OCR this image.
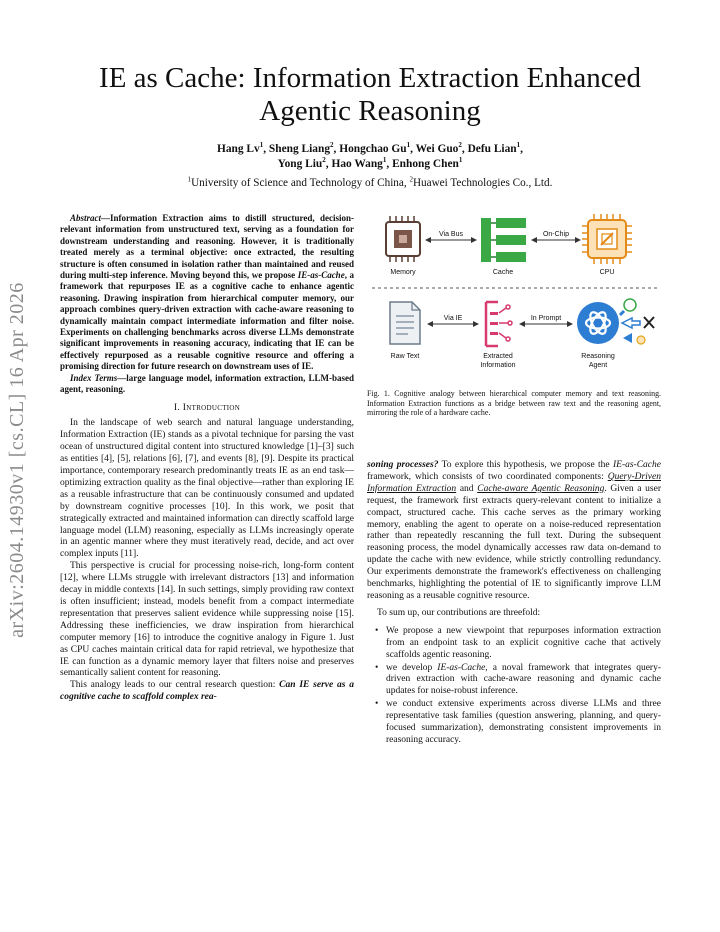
arXiv:2604.14930v1 [cs.CL] 16 Apr 2026
IE as Cache: Information Extraction Enhanced
Agentic Reasoning
Hang Lv$^1$, Sheng Liang$^2$, Hongchao Gu$^1$, Wei Guo$^2$, Defu Lian$^1$,
Yong Liu$^2$, Hao Wang$^1$, Enhong Chen$^1$
$^1$University of Science and Technology of China, $^2$Huawei Technologies Co., Ltd.

Abstract—Information Extraction aims to distill structured, decision-relevant information from unstructured text, serving as a foundation for downstream understanding and reasoning. However, it is traditionally treated merely as a terminal objective: once extracted, the resulting structure is often consumed in isolation rather than maintained and reused during multi-step inference. Moving beyond this, we propose IE-as-Cache, a framework that repurposes IE as a cognitive cache to enhance agentic reasoning. Drawing inspiration from hierarchical computer memory, our approach combines query-driven extraction with cache-aware reasoning to dynamically maintain compact intermediate information and filter noise. Experiments on challenging benchmarks across diverse LLMs demonstrate significant improvements in reasoning accuracy, indicating that IE can be effectively repurposed as a reusable cognitive resource and offering a promising direction for future research on downstream uses of IE.

Index Terms—large language model, information extraction, LLM-based agent, reasoning.

I. Introduction

In the landscape of web search and natural language understanding, Information Extraction (IE) stands as a pivotal technique for parsing the vast ocean of unstructured digital content into structured knowledge [1]–[3] such as entities [4], [5], relations [6], [7], and events [8], [9]. Despite its practical importance, contemporary research predominantly treats IE as an end task—optimizing extraction quality as the final objective—rather than exploring IE as a reusable infrastructure that can be continuously consumed and updated by downstream cognitive processes [10]. In this work, we posit that strategically extracted and maintained information can directly scaffold large language model (LLM) reasoning, especially as LLMs increasingly operate in an agentic manner where they must iteratively read, decide, and act over complex inputs [11].

This perspective is crucial for processing noise-rich, long-form content [12], where LLMs struggle with irrelevant distractors [13] and information decay in middle contexts [14]. In such settings, simply providing raw context is often insufficient; instead, models benefit from a compact intermediate representation that preserves salient evidence while suppressing noise [15]. Addressing these inefficiencies, we draw inspiration from hierarchical computer memory [16] to introduce the cognitive analogy in Figure 1. Just as CPU caches maintain critical data for rapid retrieval, we hypothesize that IE can function as a dynamic memory layer that filters noise and preserves semantically salient content for reasoning.

This analogy leads to our central research question: Can IE serve as a cognitive cache to scaffold complex rea-

Memory
Via Bus
Cache
On-Chip
CPU
Raw Text
Via IE
Extracted
Information
In Prompt
Reasoning
Agent
Fig. 1. Cognitive analogy between hierarchical computer memory and text reasoning. Information Extraction functions as a bridge between raw text and the reasoning agent, mirroring the role of a hardware cache.

soning processes? To explore this hypothesis, we propose the IE-as-Cache framework, which consists of two coordinated components: Query-Driven Information Extraction and Cache-aware Agentic Reasoning. Given a user request, the framework first extracts query-relevant content to initialize a compact, structured cache. This cache serves as the primary working memory, enabling the agent to operate on a noise-reduced representation rather than repeatedly rescanning the full text. During the subsequent reasoning process, the model dynamically accesses raw data on-demand to update the cache with new evidence, while strictly controlling redundancy. Our experiments demonstrate the framework's effectiveness on challenging benchmarks, highlighting the potential of IE to significantly improve LLM reasoning as a reusable cognitive resource.

To sum up, our contributions are threefold:

• We propose a new viewpoint that repurposes information extraction from an endpoint task to an explicit cognitive cache that actively scaffolds agentic reasoning.
• we develop IE-as-Cache, a noval framework that integrates query-driven extraction with cache-aware reasoning and dynamic cache updates for noise-robust inference.
• we conduct extensive experiments across diverse LLMs and three representative task families (question answering, planning, and query-focused summarization), demonstrating consistent improvements in reasoning accuracy.
